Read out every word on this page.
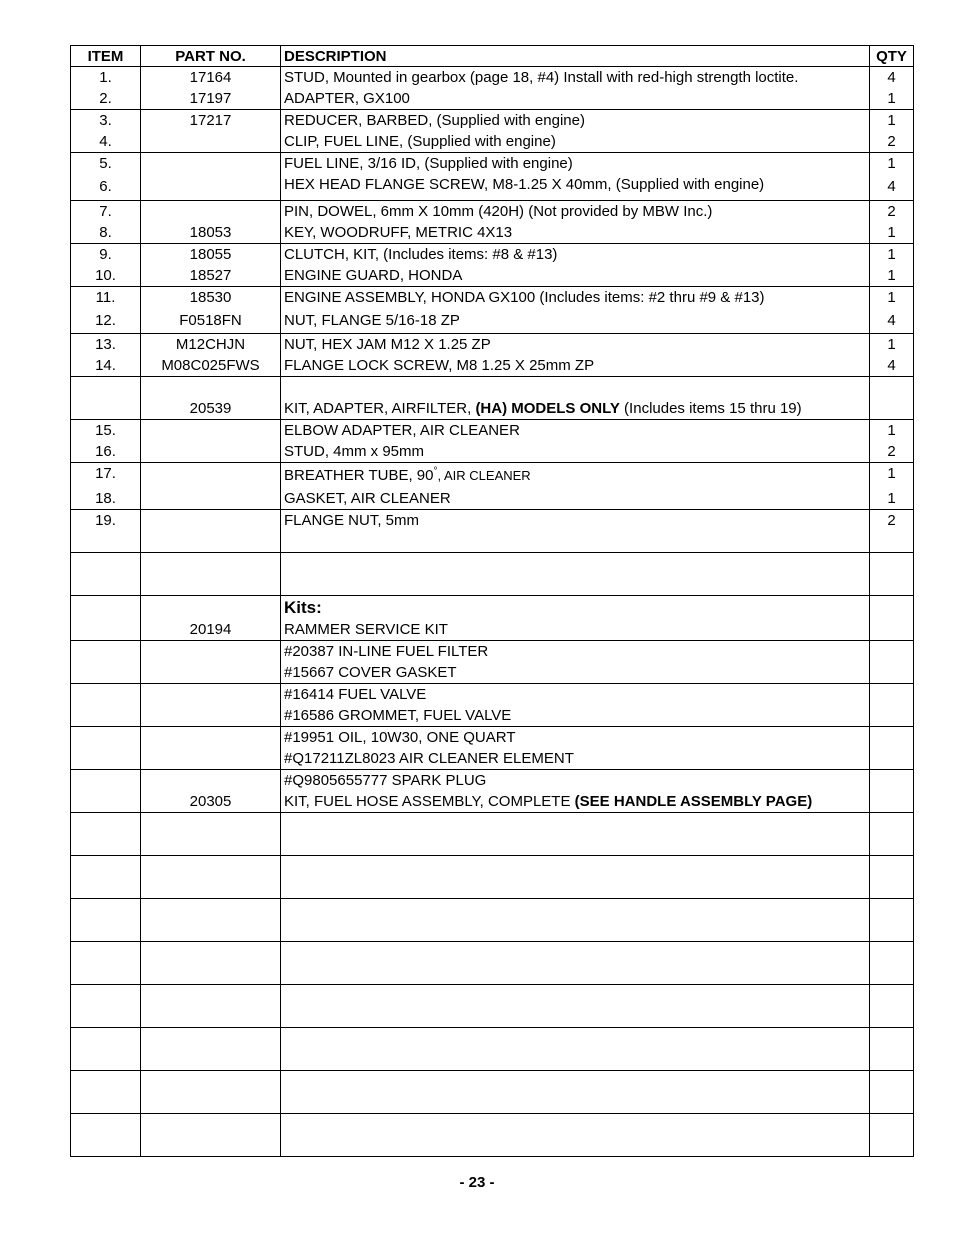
ITEM	PART NO.	DESCRIPTION	QTY
1.	17164	STUD, Mounted in gearbox (page 18, #4) Install with red-high strength loctite.	4
2.	17197	ADAPTER, GX100	1
3.	17217	REDUCER, BARBED, (Supplied with engine)	1
4.		CLIP, FUEL LINE, (Supplied with engine)	2
5.		FUEL LINE, 3/16 ID, (Supplied with engine)	1
6.		HEX HEAD FLANGE SCREW, M8-1.25 X 40mm, (Supplied with engine)	4
7.		PIN, DOWEL, 6mm X 10mm (420H) (Not provided by MBW Inc.)	2
8.	18053	KEY, WOODRUFF, METRIC 4X13	1
9.	18055	CLUTCH, KIT, (Includes items: #8 & #13)	1
10.	18527	ENGINE GUARD, HONDA	1
11.	18530	ENGINE ASSEMBLY, HONDA GX100 (Includes items: #2 thru #9 & #13)	1
12.	F0518FN	NUT, FLANGE 5/16-18 ZP	4
13.	M12CHJN	NUT, HEX JAM M12 X 1.25 ZP	1
14.	M08C025FWS	FLANGE LOCK SCREW, M8 1.25 X 25mm ZP	4

	20539	KIT, ADAPTER, AIRFILTER, (HA) MODELS ONLY (Includes items 15 thru 19)	
15.		ELBOW ADAPTER, AIR CLEANER	1
16.		STUD, 4mm x 95mm	2
17.		BREATHER TUBE, 90°, AIR CLEANER	1
18.		GASKET, AIR CLEANER	1
19.		FLANGE NUT, 5mm	2

		Kits:	
	20194	RAMMER SERVICE KIT	
		#20387 IN-LINE FUEL FILTER	
		#15667 COVER GASKET	
		#16414 FUEL VALVE	
		#16586 GROMMET, FUEL VALVE	
		#19951 OIL, 10W30, ONE QUART	
		#Q17211ZL8023 AIR CLEANER ELEMENT	
		#Q9805655777 SPARK PLUG	
	20305	KIT, FUEL HOSE ASSEMBLY, COMPLETE (SEE HANDLE ASSEMBLY PAGE)	

- 23 -
